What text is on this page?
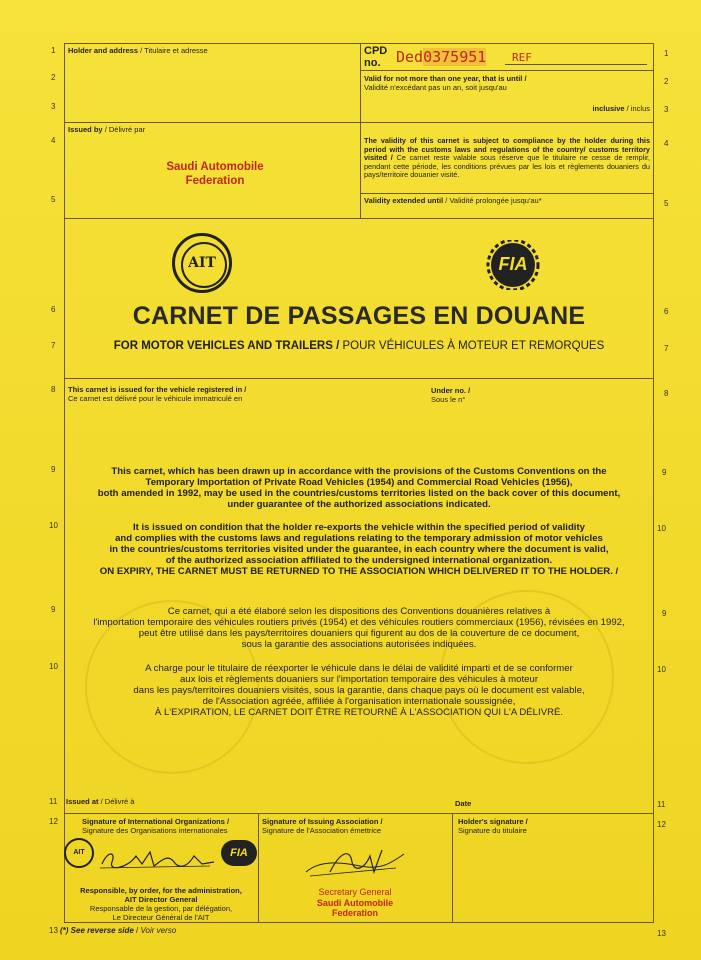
1
2
3
4
5
6
7
8
9
10
9
10
11
12
13
1
2
3
4
5
6
7
8
9
10
9
10
11
12
13
Holder and address / Titulaire et adresse	CPD no.	Ded0375951 REF
Valid for not more than one year, that is until /
Validité n'excédant pas un an, soit jusqu'au
inclusive / inclus
Issued by / Délivré par
Saudi Automobile
Federation
The validity of this carnet is subject to compliance by the holder during this period with the customs laws and regulations of the country/ customs territory visited / Ce carnet reste valable sous réserve que le titulaire ne cesse de remplir, pendant cette période, les conditions prévues par les lois et règlements douaniers du pays/territoire douanier visité.
Validity extended until / Validité prolongée jusqu'au*
AIT	FIA
CARNET DE PASSAGES EN DOUANE
FOR MOTOR VEHICLES AND TRAILERS / POUR VÉHICULES À MOTEUR ET REMORQUES
This carnet is issued for the vehicle registered in /
Ce carnet est délivré pour le véhicule immatriculé en
Under no. /
Sous le n°
This carnet, which has been drawn up in accordance with the provisions of the Customs Conventions on the
Temporary Importation of Private Road Vehicles (1954) and Commercial Road Vehicles (1956),
both amended in 1992, may be used in the countries/customs territories listed on the back cover of this document,
under guarantee of the authorized associations indicated.
It is issued on condition that the holder re-exports the vehicle within the specified period of validity
and complies with the customs laws and regulations relating to the temporary admission of motor vehicles
in the countries/customs territories visited under the guarantee, in each country where the document is valid,
of the authorized association affiliated to the undersigned international organization.
ON EXPIRY, THE CARNET MUST BE RETURNED TO THE ASSOCIATION WHICH DELIVERED IT TO THE HOLDER. /
Ce carnet, qui a été élaboré selon les dispositions des Conventions douanières relatives à
l'importation temporaire des véhicules routiers privés (1954) et des véhicules routiers commerciaux (1956), révisées en 1992,
peut être utilisé dans les pays/territoires douaniers qui figurent au dos de la couverture de ce document,
sous la garantie des associations autorisées indiquées.
A charge pour le titulaire de réexporter le véhicule dans le délai de validité imparti et de se conformer
aux lois et règlements douaniers sur l'importation temporaire des véhicules à moteur
dans les pays/territoires douaniers visités, sous la garantie, dans chaque pays où le document est valable,
de l'Association agréée, affiliée à l'organisation internationale soussignée,
À L'EXPIRATION, LE CARNET DOIT ÊTRE RETOURNÉ À L'ASSOCIATION QUI L'A DÉLIVRÉ.
Issued at / Délivré à	Date
Signature of International Organizations /
Signature des Organisations internationales
AIT	FIA
Responsible, by order, for the administration,
AIT Director General
Responsable de la gestion, par délégation,
Le Directeur Général de l'AIT
Signature of Issuing Association /
Signature de l'Association émettrice
Secretary General
Saudi Automobile
Federation
Holder's signature /
Signature du titulaire
(*) See reverse side / Voir verso
